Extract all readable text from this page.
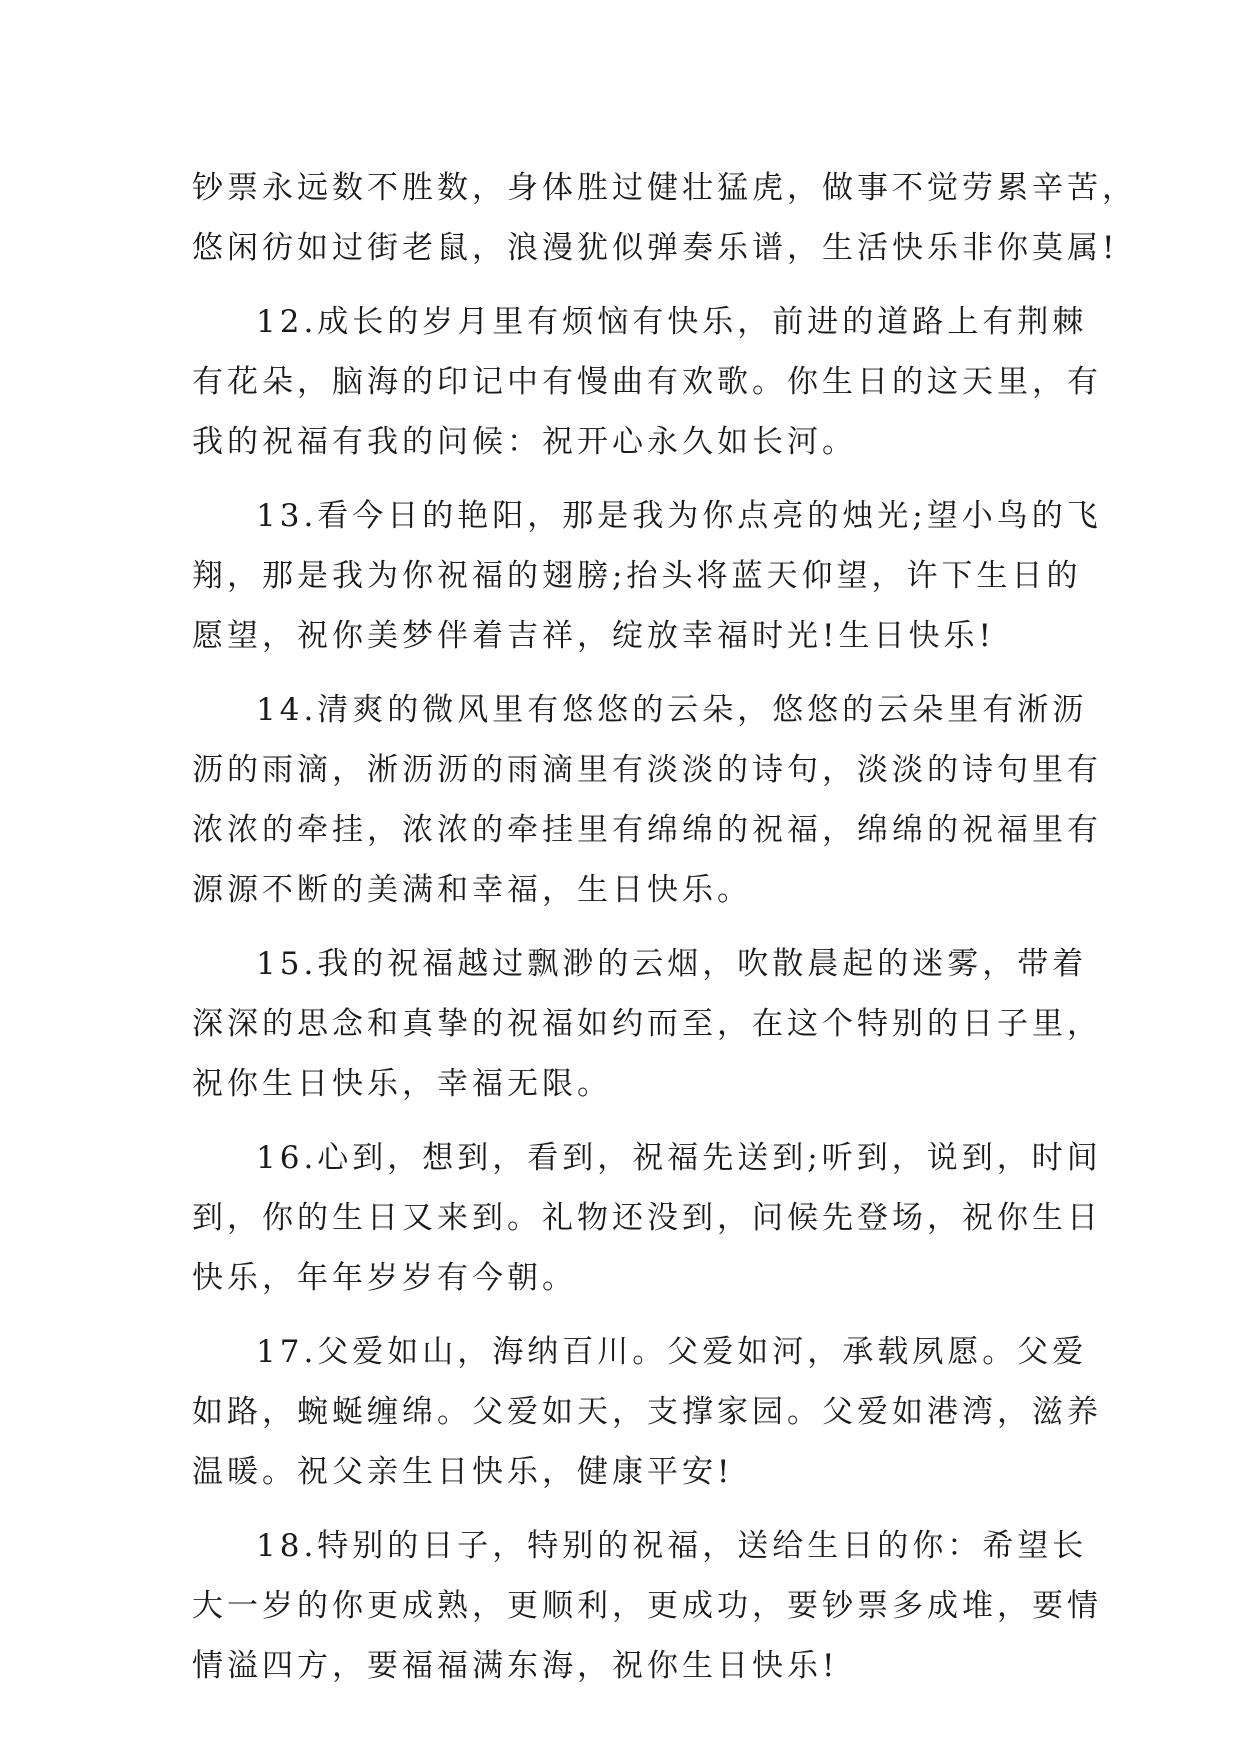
钞票永远数不胜数，身体胜过健壮猛虎，做事不觉劳累辛苦，

悠闲彷如过街老鼠，浪漫犹似弹奏乐谱，生活快乐非你莫属!

12.成长的岁月里有烦恼有快乐，前进的道路上有荆棘

有花朵，脑海的印记中有慢曲有欢歌。你生日的这天里，有

我的祝福有我的问候：祝开心永久如长河。

13.看今日的艳阳，那是我为你点亮的烛光;望小鸟的飞

翔，那是我为你祝福的翅膀;抬头将蓝天仰望，许下生日的

愿望，祝你美梦伴着吉祥，绽放幸福时光!生日快乐!

14.清爽的微风里有悠悠的云朵，悠悠的云朵里有淅沥

沥的雨滴，淅沥沥的雨滴里有淡淡的诗句，淡淡的诗句里有

浓浓的牵挂，浓浓的牵挂里有绵绵的祝福，绵绵的祝福里有

源源不断的美满和幸福，生日快乐。

15.我的祝福越过飘渺的云烟，吹散晨起的迷雾，带着

深深的思念和真挚的祝福如约而至，在这个特别的日子里，

祝你生日快乐，幸福无限。

16.心到，想到，看到，祝福先送到;听到，说到，时间

到，你的生日又来到。礼物还没到，问候先登场，祝你生日

快乐，年年岁岁有今朝。

17.父爱如山，海纳百川。父爱如河，承载夙愿。父爱

如路，蜿蜒缠绵。父爱如天，支撑家园。父爱如港湾，滋养

温暖。祝父亲生日快乐，健康平安!

18.特别的日子，特别的祝福，送给生日的你：希望长

大一岁的你更成熟，更顺利，更成功，要钞票多成堆，要情

情溢四方，要福福满东海，祝你生日快乐!
